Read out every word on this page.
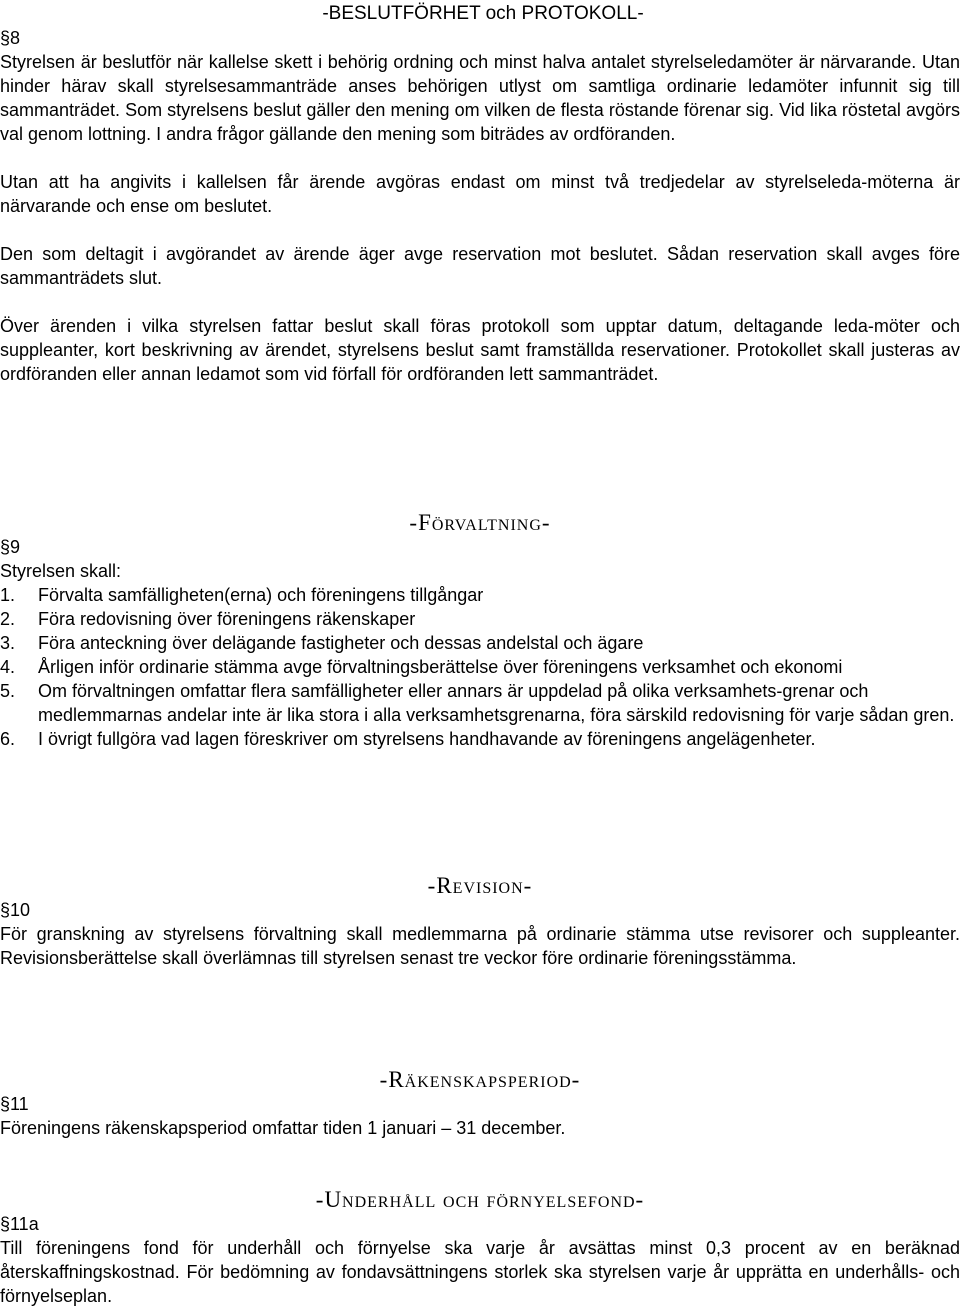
-BESLUTFÖRHET och PROTOKOLL-
§8

Styrelsen är beslutför när kallelse skett i behörig ordning och minst halva antalet styrelseledamöter är närvarande. Utan hinder härav skall styrelsesammanträde anses behörigen utlyst om samtliga ordinarie ledamöter infunnit sig till sammanträdet. Som styrelsens beslut gäller den mening om vilken de flesta röstande förenar sig. Vid lika röstetal avgörs val genom lottning. I andra frågor gällande den mening som biträdes av ordföranden.

Utan att ha angivits i kallelsen får ärende avgöras endast om minst två tredjedelar av styrelseleda-möterna är närvarande och ense om beslutet.

Den som deltagit i avgörandet av ärende äger avge reservation mot beslutet. Sådan reservation skall avges före sammanträdets slut.

Över ärenden i vilka styrelsen fattar beslut skall föras protokoll som upptar datum, deltagande leda-möter och suppleanter, kort beskrivning av ärendet, styrelsens beslut samt framställda reservationer. Protokollet skall justeras av ordföranden eller annan ledamot som vid förfall för ordföranden lett sammanträdet.

-Förvaltning-
§9

Styrelsen skall:

1.	Förvalta samfälligheten(erna) och föreningens tillgångar
2.	Föra redovisning över föreningens räkenskaper
3.	Föra anteckning över delägande fastigheter och dessas andelstal och ägare
4.	Årligen inför ordinarie stämma avge förvaltningsberättelse över föreningens verksamhet och ekonomi
5.	Om förvaltningen omfattar flera samfälligheter eller annars är uppdelad på olika verksamhets-grenar och medlemmarnas andelar inte är lika stora i alla verksamhetsgrenarna, föra särskild redovisning för varje sådan gren.
6.	I övrigt fullgöra vad lagen föreskriver om styrelsens handhavande av föreningens angelägenheter.
-Revision-
§10

För granskning av styrelsens förvaltning skall medlemmarna på ordinarie stämma utse revisorer och suppleanter. Revisionsberättelse skall överlämnas till styrelsen senast tre veckor före ordinarie föreningsstämma.

-Räkenskapsperiod-
§11

Föreningens räkenskapsperiod omfattar tiden 1 januari – 31 december.

-Underhåll och förnyelsefond-
§11a

Till föreningens fond för underhåll och förnyelse ska varje år avsättas minst 0,3 procent av en beräknad återskaffningskostnad. För bedömning av fondavsättningens storlek ska styrelsen varje år upprätta en underhålls- och förnyelseplan.
